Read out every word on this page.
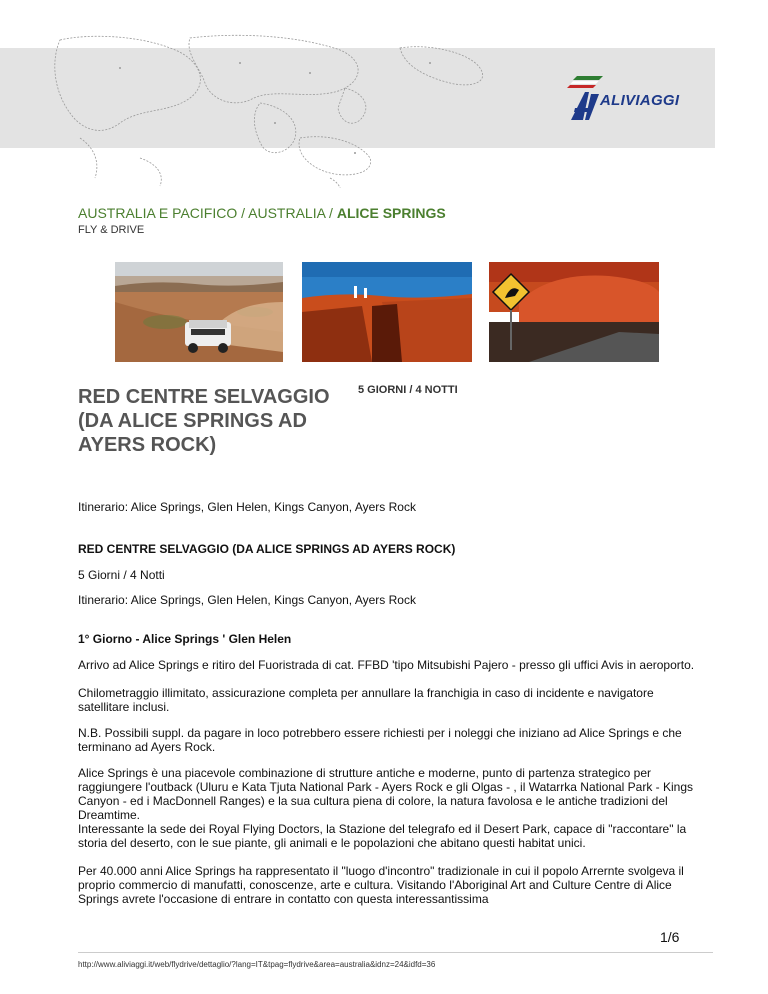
ALIVIAGGI
AUSTRALIA E PACIFICO / AUSTRALIA / ALICE SPRINGS
FLY & DRIVE
RED CENTRE SELVAGGIO (DA ALICE SPRINGS AD AYERS ROCK)
5 GIORNI / 4 NOTTI
Itinerario: Alice Springs, Glen Helen, Kings Canyon, Ayers Rock
RED CENTRE SELVAGGIO (DA ALICE SPRINGS AD AYERS ROCK)
5 Giorni / 4 Notti
Itinerario: Alice Springs, Glen Helen, Kings Canyon, Ayers Rock
1° Giorno - Alice Springs ' Glen Helen
Arrivo ad Alice Springs e ritiro del Fuoristrada di cat. FFBD 'tipo Mitsubishi Pajero - presso gli uffici Avis in aeroporto.
Chilometraggio illimitato, assicurazione completa per annullare la franchigia in caso di incidente e navigatore satellitare inclusi.
N.B. Possibili suppl. da pagare in loco potrebbero essere richiesti per i noleggi che iniziano ad Alice Springs e che terminano ad Ayers Rock.
Alice Springs è una piacevole combinazione di strutture antiche e moderne, punto di partenza strategico per raggiungere l'outback (Uluru e Kata Tjuta National Park - Ayers Rock e gli Olgas - , il Watarrka National Park - Kings Canyon - ed i MacDonnell Ranges) e la sua cultura piena di colore, la natura favolosa e le antiche tradizioni del Dreamtime.
Interessante la sede dei Royal Flying Doctors, la Stazione del telegrafo ed il Desert Park, capace di "raccontare" la storia del deserto, con le sue piante, gli animali e le popolazioni che abitano questi habitat unici.
Per 40.000 anni Alice Springs ha rappresentato il "luogo d'incontro" tradizionale in cui il popolo Arrernte svolgeva il proprio commercio di manufatti, conoscenze, arte e cultura. Visitando l'Aboriginal Art and Culture Centre di Alice Springs avrete l'occasione di entrare in contatto con questa interessantissima
1/6
http://www.aliviaggi.it/web/flydrive/dettaglio/?lang=IT&tpag=flydrive&area=australia&idnz=24&idfd=36
